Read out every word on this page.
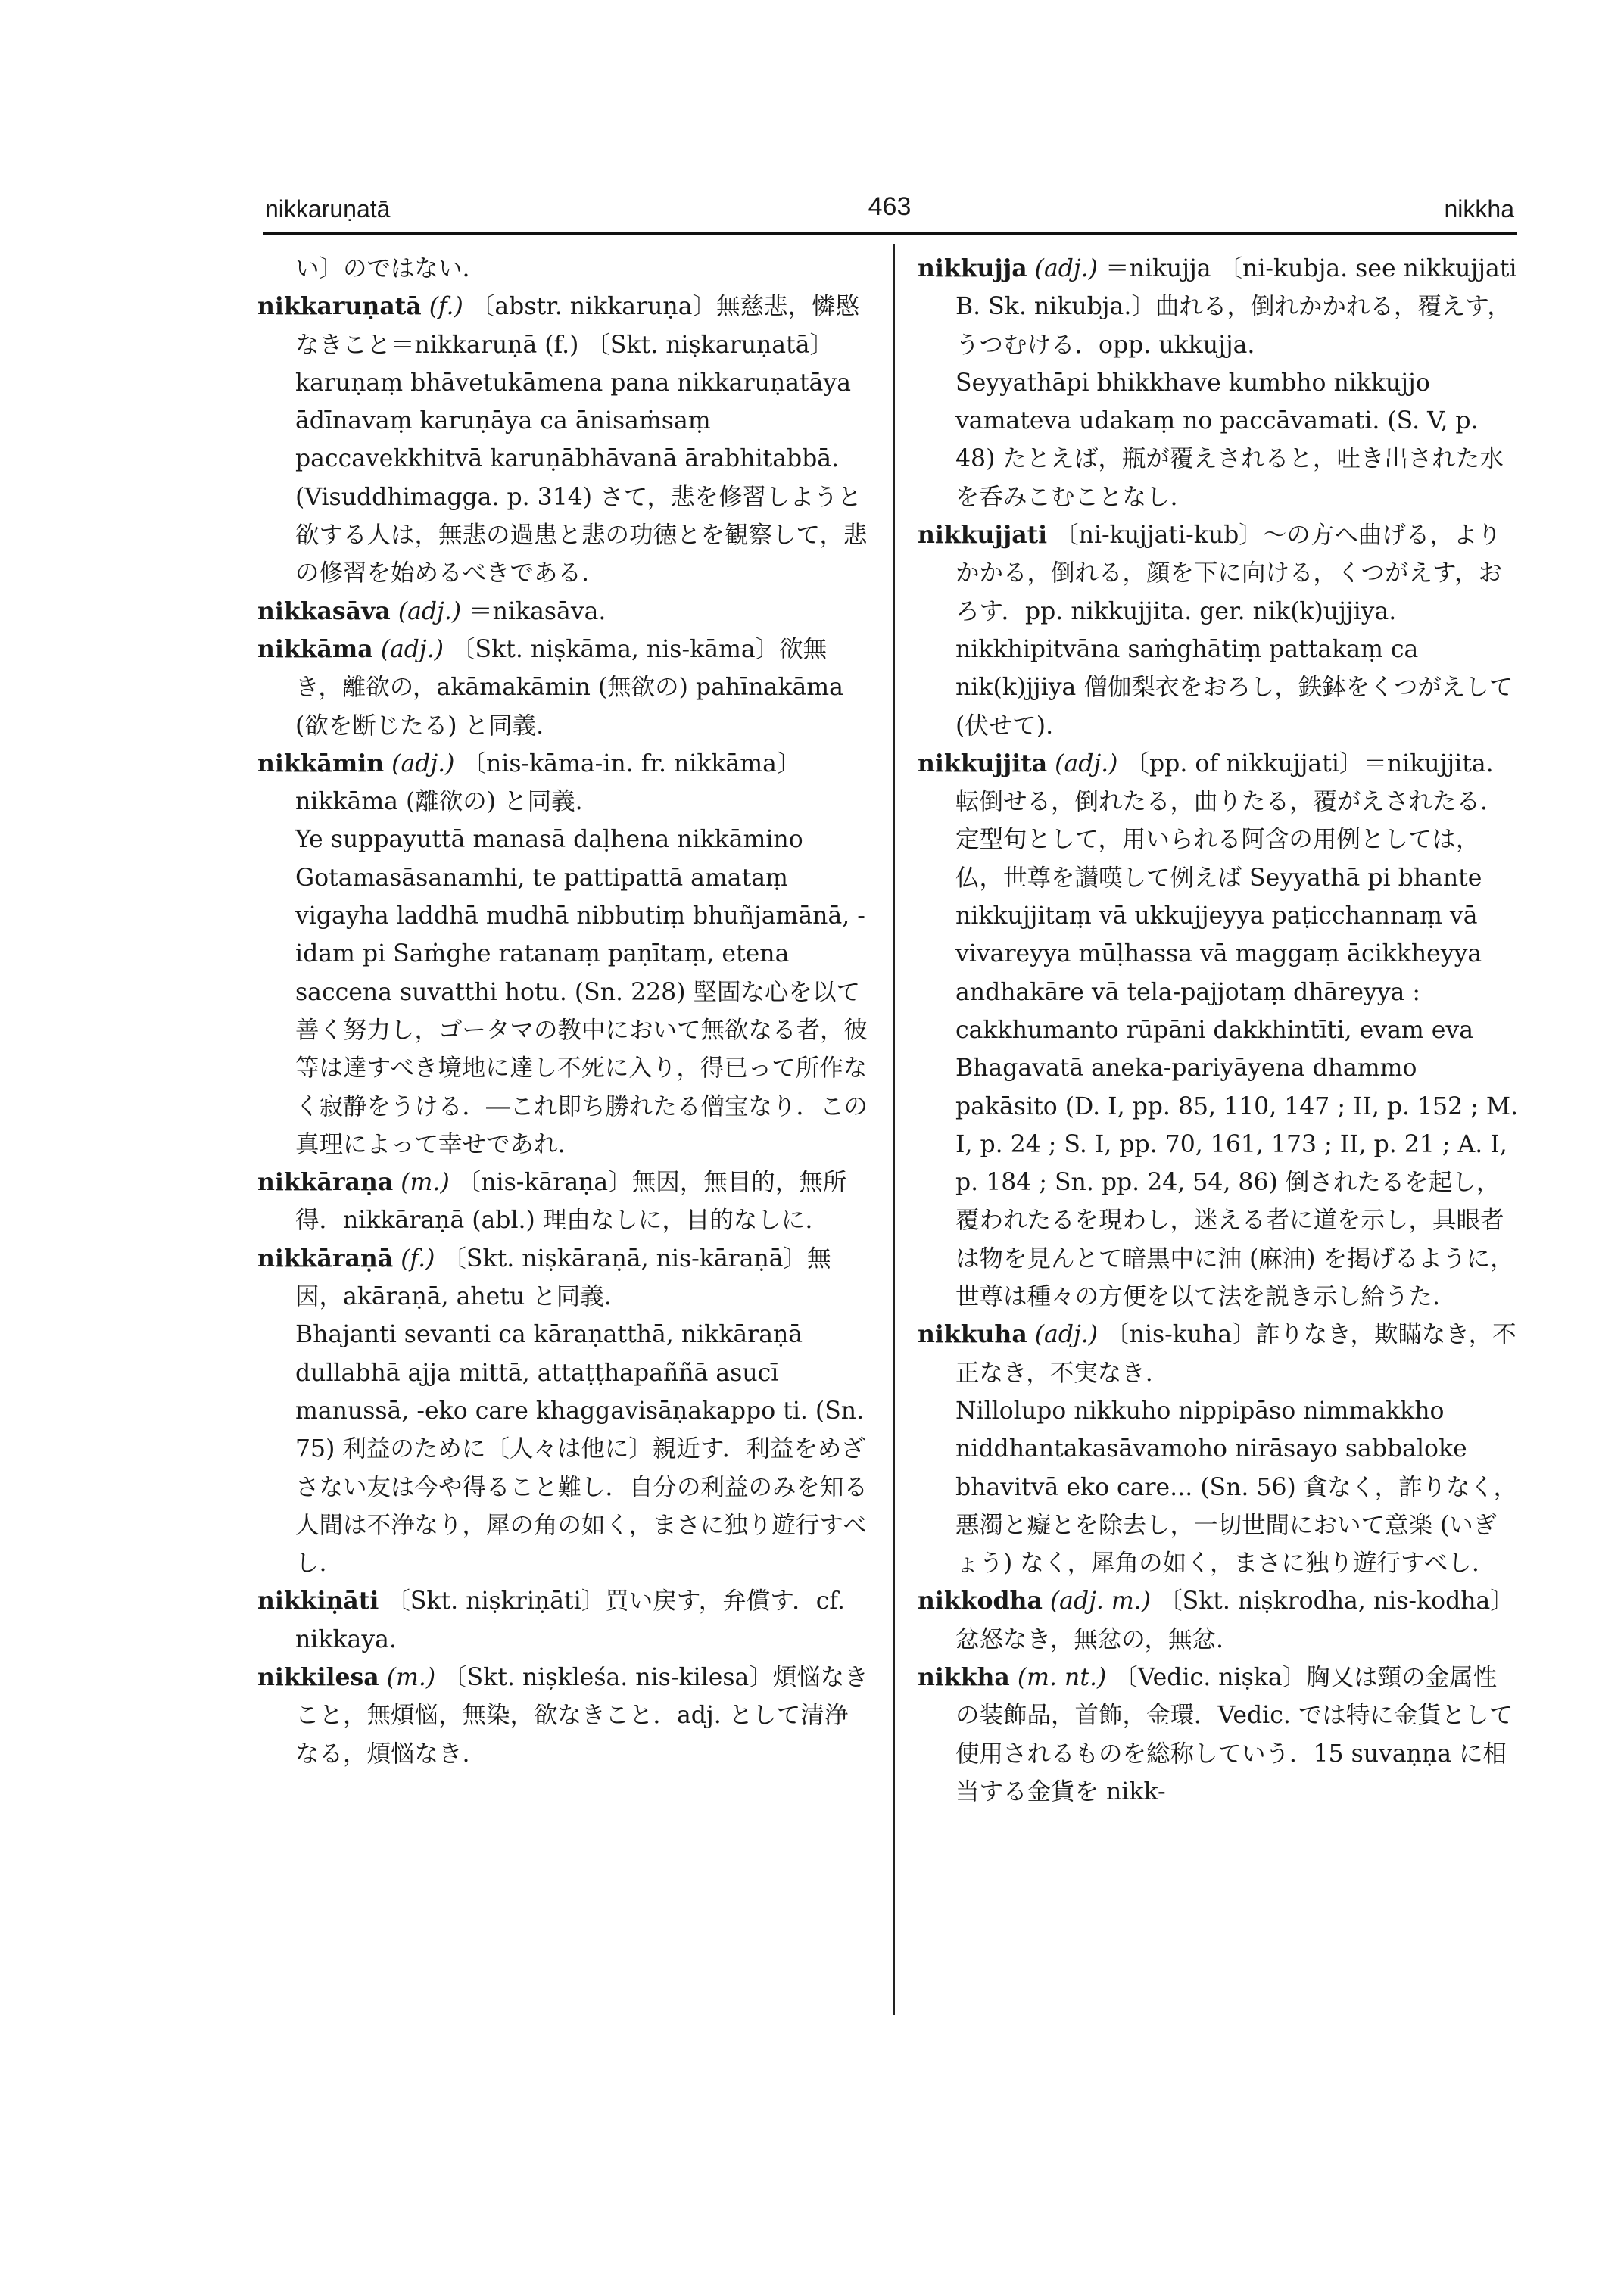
nikkaruṇatā	463	nikkha

い〕のではない.

nikkaruṇatā (f.) 〔abstr. nikkaruṇa〕無慈悲，憐愍なきこと＝nikkaruṇā (f.) 〔Skt. niṣkaruṇatā〕

karuṇaṃ bhāvetukāmena pana nikkaruṇatāya ādīnavaṃ karuṇāya ca ānisaṁsaṃ paccavekkhitvā karuṇābhāvanā ārabhitabbā. (Visuddhimagga. p. 314) さて，悲を修習しようと欲する人は，無悲の過患と悲の功徳とを観察して，悲の修習を始めるべきである.

nikkasāva (adj.) ＝nikasāva.

nikkāma (adj.) 〔Skt. niṣkāma, nis-kāma〕欲無き，離欲の，akāmakāmin (無欲の) pahīnakāma (欲を断じたる) と同義.

nikkāmin (adj.) 〔nis-kāma-in. fr. nikkāma〕nikkāma (離欲の) と同義.

Ye suppayuttā manasā daḷhena nikkāmino Gotamasāsanamhi, te pattipattā amataṃ vigayha laddhā mudhā nibbutiṃ bhuñjamānā, -idam pi Saṁghe ratanaṃ paṇītaṃ, etena saccena suvatthi hotu. (Sn. 228) 堅固な心を以て善く努力し，ゴータマの教中において無欲なる者，彼等は達すべき境地に達し不死に入り，得已って所作なく寂静をうける．―これ即ち勝れたる僧宝なり．この真理によって幸せであれ.

nikkāraṇa (m.) 〔nis-kāraṇa〕無因，無目的，無所得．nikkāraṇā (abl.) 理由なしに，目的なしに.

nikkāraṇā (f.) 〔Skt. niṣkāraṇā, nis-kāraṇā〕無因，akāraṇā, ahetu と同義.

Bhajanti sevanti ca kāraṇatthā, nikkāraṇā dullabhā ajja mittā, attaṭṭhapaññā asucī manussā, -eko care khaggavisāṇakappo ti. (Sn. 75) 利益のために〔人々は他に〕親近す．利益をめざさない友は今や得ること難し．自分の利益のみを知る人間は不浄なり，犀の角の如く，まさに独り遊行すべし.

nikkiṇāti 〔Skt. niṣkriṇāti〕買い戻す，弁償す．cf. nikkaya.

nikkilesa (m.) 〔Skt. nișkleśa. nis-kilesa〕煩悩なきこと，無煩悩，無染，欲なきこと．adj. として清浄なる，煩悩なき.

nikkujja (adj.) ＝nikujja 〔ni-kubja. see nikkujjati B. Sk. nikubja.〕曲れる，倒れかかれる，覆えす，うつむける．opp. ukkujja.

Seyyathāpi bhikkhave kumbho nikkujjo vamateva udakaṃ no paccāvamati. (S. V, p. 48) たとえば，瓶が覆えされると，吐き出された水を呑みこむことなし.

nikkujjati 〔ni-kujjati-kub〕～の方へ曲げる，よりかかる，倒れる，顔を下に向ける，くつがえす，おろす．pp. nikkujjita. ger. nik(k)ujjiya. nikkhipitvāna saṁghātiṃ pattakaṃ ca nik(k)jjiya 僧伽梨衣をおろし，鉄鉢をくつがえして (伏せて).

nikkujjita (adj.) 〔pp. of nikkujjati〕＝nikujjita. 転倒せる，倒れたる，曲りたる，覆がえされたる．定型句として，用いられる阿含の用例としては，仏，世尊を讃嘆して例えば Seyyathā pi bhante nikkujjitaṃ vā ukkujjeyya paṭicchannaṃ vā vivareyya mūḷhassa vā maggaṃ ācikkheyya andhakāre vā tela-pajjotaṃ dhāreyya : cakkhumanto rūpāni dakkhintīti, evam eva Bhagavatā aneka-pariyāyena dhammo pakāsito (D. I, pp. 85, 110, 147 ; II, p. 152 ; M. I, p. 24 ; S. I, pp. 70, 161, 173 ; II, p. 21 ; A. I, p. 184 ; Sn. pp. 24, 54, 86) 倒されたるを起し，覆われたるを現わし，迷える者に道を示し，具眼者は物を見んとて暗黒中に油 (麻油) を掲げるように，世尊は種々の方便を以て法を説き示し給うた.

nikkuha (adj.) 〔nis-kuha〕詐りなき，欺瞞なき，不正なき，不実なき.

Nillolupo nikkuho nippipāso nimmakkho niddhantakasāvamoho nirāsayo sabbaloke bhavitvā eko care... (Sn. 56) 貪なく，詐りなく，悪濁と癡とを除去し，一切世間において意楽 (いぎょう) なく，犀角の如く，まさに独り遊行すべし.

nikkodha (adj. m.) 〔Skt. niṣkrodha, nis-kodha〕忿怒なき，無忿の，無忿.

nikkha (m. nt.) 〔Vedic. niṣka〕胸又は頸の金属性の装飾品，首飾，金環．Vedic. では特に金貨として使用されるものを総称していう．15 suvaṇṇa に相当する金貨を nikk-
